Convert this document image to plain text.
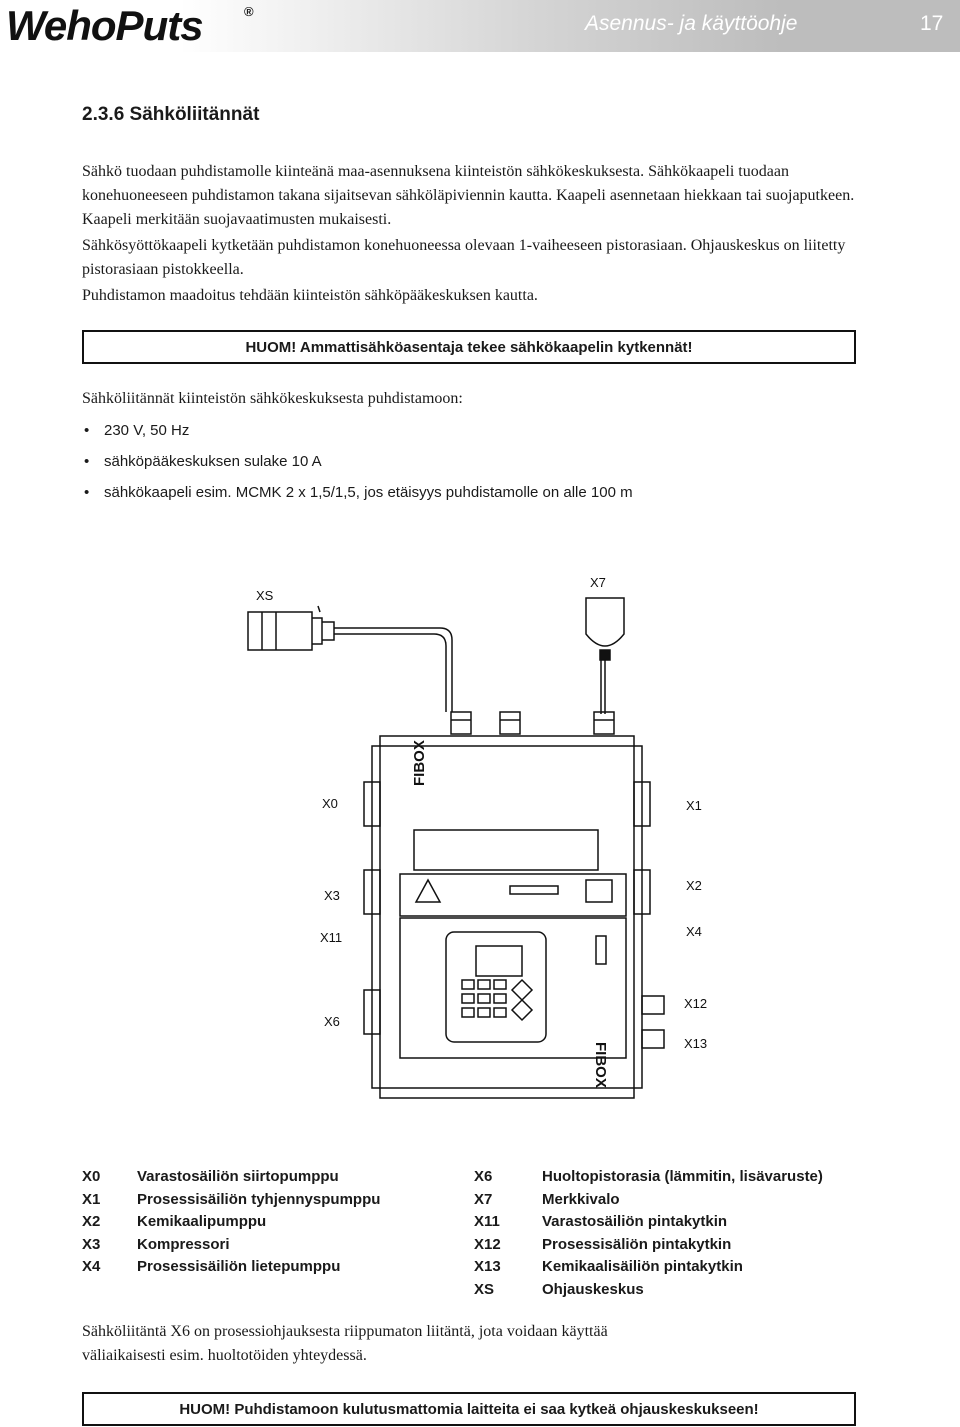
WehoPuts	®
Asennus- ja käyttöohje	17
2.3.6 Sähköliitännät
Sähkö tuodaan puhdistamolle kiinteänä maa-asennuksena kiinteistön sähkökeskuksesta. Sähkökaapeli tuodaan konehuoneeseen puhdistamon takana sijaitsevan sähköläpiviennin kautta. Kaapeli asennetaan hiekkaan tai suojaputkeen. Kaapeli merkitään suojavaatimusten mukaisesti.
Sähkösyöttökaapeli kytketään puhdistamon konehuoneessa olevaan 1-vaiheeseen pistorasiaan. Ohjauskeskus on liitetty pistorasiaan pistokkeella.
Puhdistamon maadoitus tehdään kiinteistön sähköpääkeskuksen kautta.
HUOM! Ammattisähköasentaja tekee sähkökaapelin kytkennät!
Sähköliitännät kiinteistön sähkökeskuksesta puhdistamoon:
• 230 V, 50 Hz
• sähköpääkeskuksen sulake 10 A
• sähkökaapeli esim. MCMK 2 x 1,5/1,5, jos etäisyys puhdistamolle on alle 100 m
FIBOX
FIBOX
XS
X7
X0	X1
X2
X3
X11	X4
X6
X12
X13
X0 Varastosäiliön siirtopumppu
X1 Prosessisäiliön tyhjennyspumppu
X2 Kemikaalipumppu
X3 Kompressori
X4 Prosessisäiliön lietepumppu
X6	Huoltopistorasia (lämmitin, lisävaruste)
X7	Merkkivalo
X11	Varastosäiliön pintakytkin
X12	Prosessisäliön pintakytkin
X13	Kemikaalisäiliön pintakytkin
XS	Ohjauskeskus
Sähköliitäntä X6 on prosessiohjauksesta riippumaton liitäntä, jota voidaan käyttää väliaikaisesti esim. huoltotöiden yhteydessä.
HUOM! Puhdistamoon kulutusmattomia laitteita ei saa kytkeä ohjauskeskukseen!
